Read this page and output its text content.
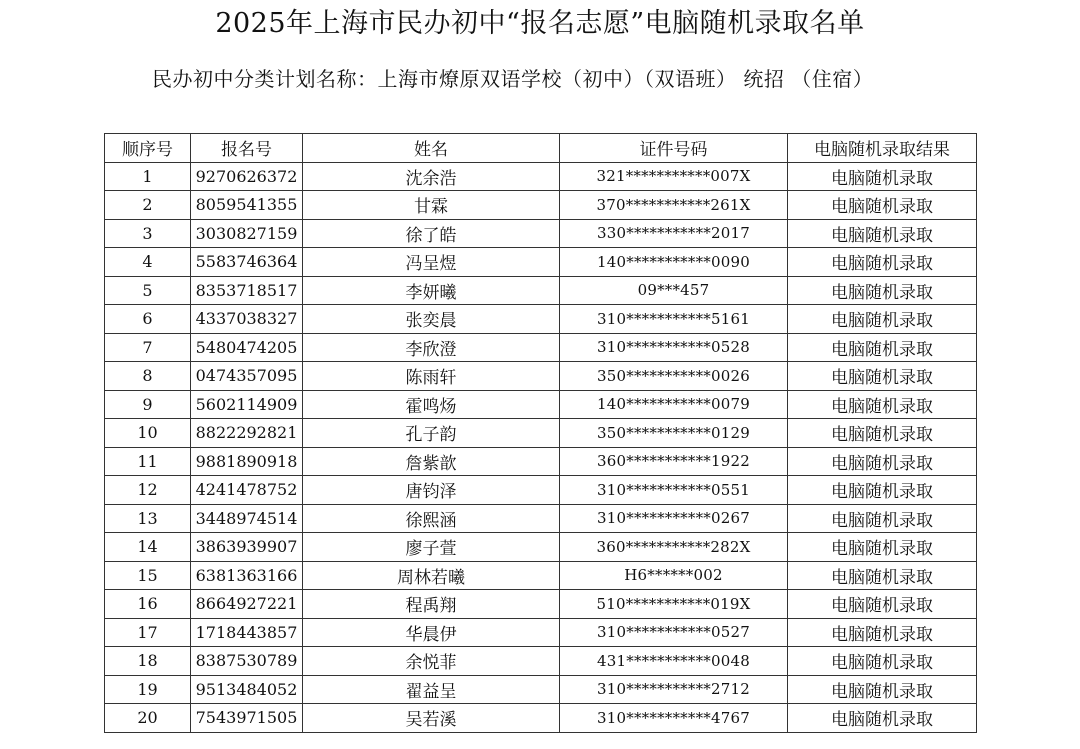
2025年上海市民办初中“报名志愿”电脑随机录取名单
民办初中分类计划名称：上海市燎原双语学校（初中）（双语班） 统招 （住宿）
顺序号	报名号	姓名	证件号码	电脑随机录取结果
1	9270626372	沈余浩	321***********007X	电脑随机录取
2	8059541355	甘霖	370***********261X	电脑随机录取
3	3030827159	徐了皓	330***********2017	电脑随机录取
4	5583746364	冯呈煜	140***********0090	电脑随机录取
5	8353718517	李妍曦	09***457	电脑随机录取
6	4337038327	张奕晨	310***********5161	电脑随机录取
7	5480474205	李欣澄	310***********0528	电脑随机录取
8	0474357095	陈雨轩	350***********0026	电脑随机录取
9	5602114909	霍鸣炀	140***********0079	电脑随机录取
10	8822292821	孔子韵	350***********0129	电脑随机录取
11	9881890918	詹紫歆	360***********1922	电脑随机录取
12	4241478752	唐钧泽	310***********0551	电脑随机录取
13	3448974514	徐熙涵	310***********0267	电脑随机录取
14	3863939907	廖子萱	360***********282X	电脑随机录取
15	6381363166	周林若曦	H6******002	电脑随机录取
16	8664927221	程禹翔	510***********019X	电脑随机录取
17	1718443857	华晨伊	310***********0527	电脑随机录取
18	8387530789	余悦菲	431***********0048	电脑随机录取
19	9513484052	翟益呈	310***********2712	电脑随机录取
20	7543971505	吴若溪	310***********4767	电脑随机录取
